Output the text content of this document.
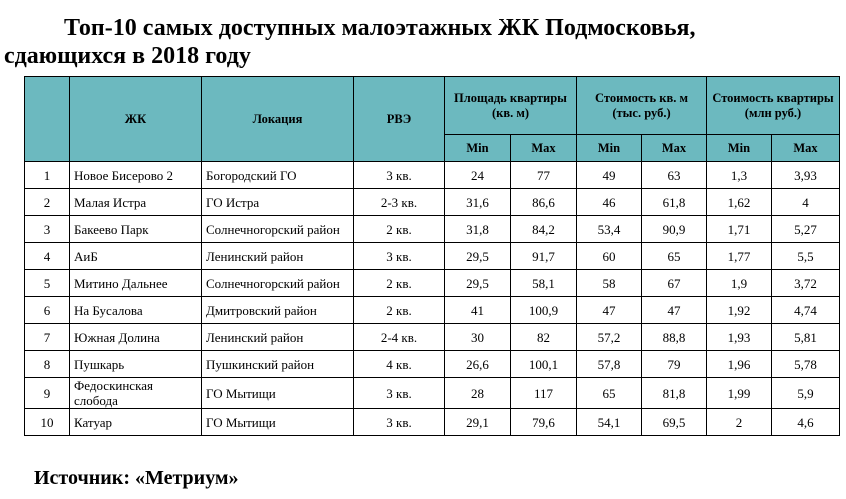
Топ-10 самых доступных малоэтажных ЖК Подмосковья,
сдающихся в 2018 году
	ЖК	Локация	РВЭ	Площадь квартиры (кв. м)		Стоимость кв. м (тыс. руб.)		Стоимость квартиры (млн руб.)	
				Min	Max	Min	Max	Min	Max
1	Новое Бисерово 2	Богородский ГО	3 кв.	24	77	49	63	1,3	3,93
2	Малая Истра	ГО Истра	2-3 кв.	31,6	86,6	46	61,8	1,62	4
3	Бакеево Парк	Солнечногорский район	2 кв.	31,8	84,2	53,4	90,9	1,71	5,27
4	АиБ	Ленинский район	3 кв.	29,5	91,7	60	65	1,77	5,5
5	Митино Дальнее	Солнечногорский район	2 кв.	29,5	58,1	58	67	1,9	3,72
6	На Бусалова	Дмитровский район	2 кв.	41	100,9	47	47	1,92	4,74
7	Южная Долина	Ленинский район	2-4 кв.	30	82	57,2	88,8	1,93	5,81
8	Пушкарь	Пушкинский район	4 кв.	26,6	100,1	57,8	79	1,96	5,78
9	Федоскинская слобода	ГО Мытищи	3 кв.	28	117	65	81,8	1,99	5,9
10	Катуар	ГО Мытищи	3 кв.	29,1	79,6	54,1	69,5	2	4,6
Источник: «Метриум»
